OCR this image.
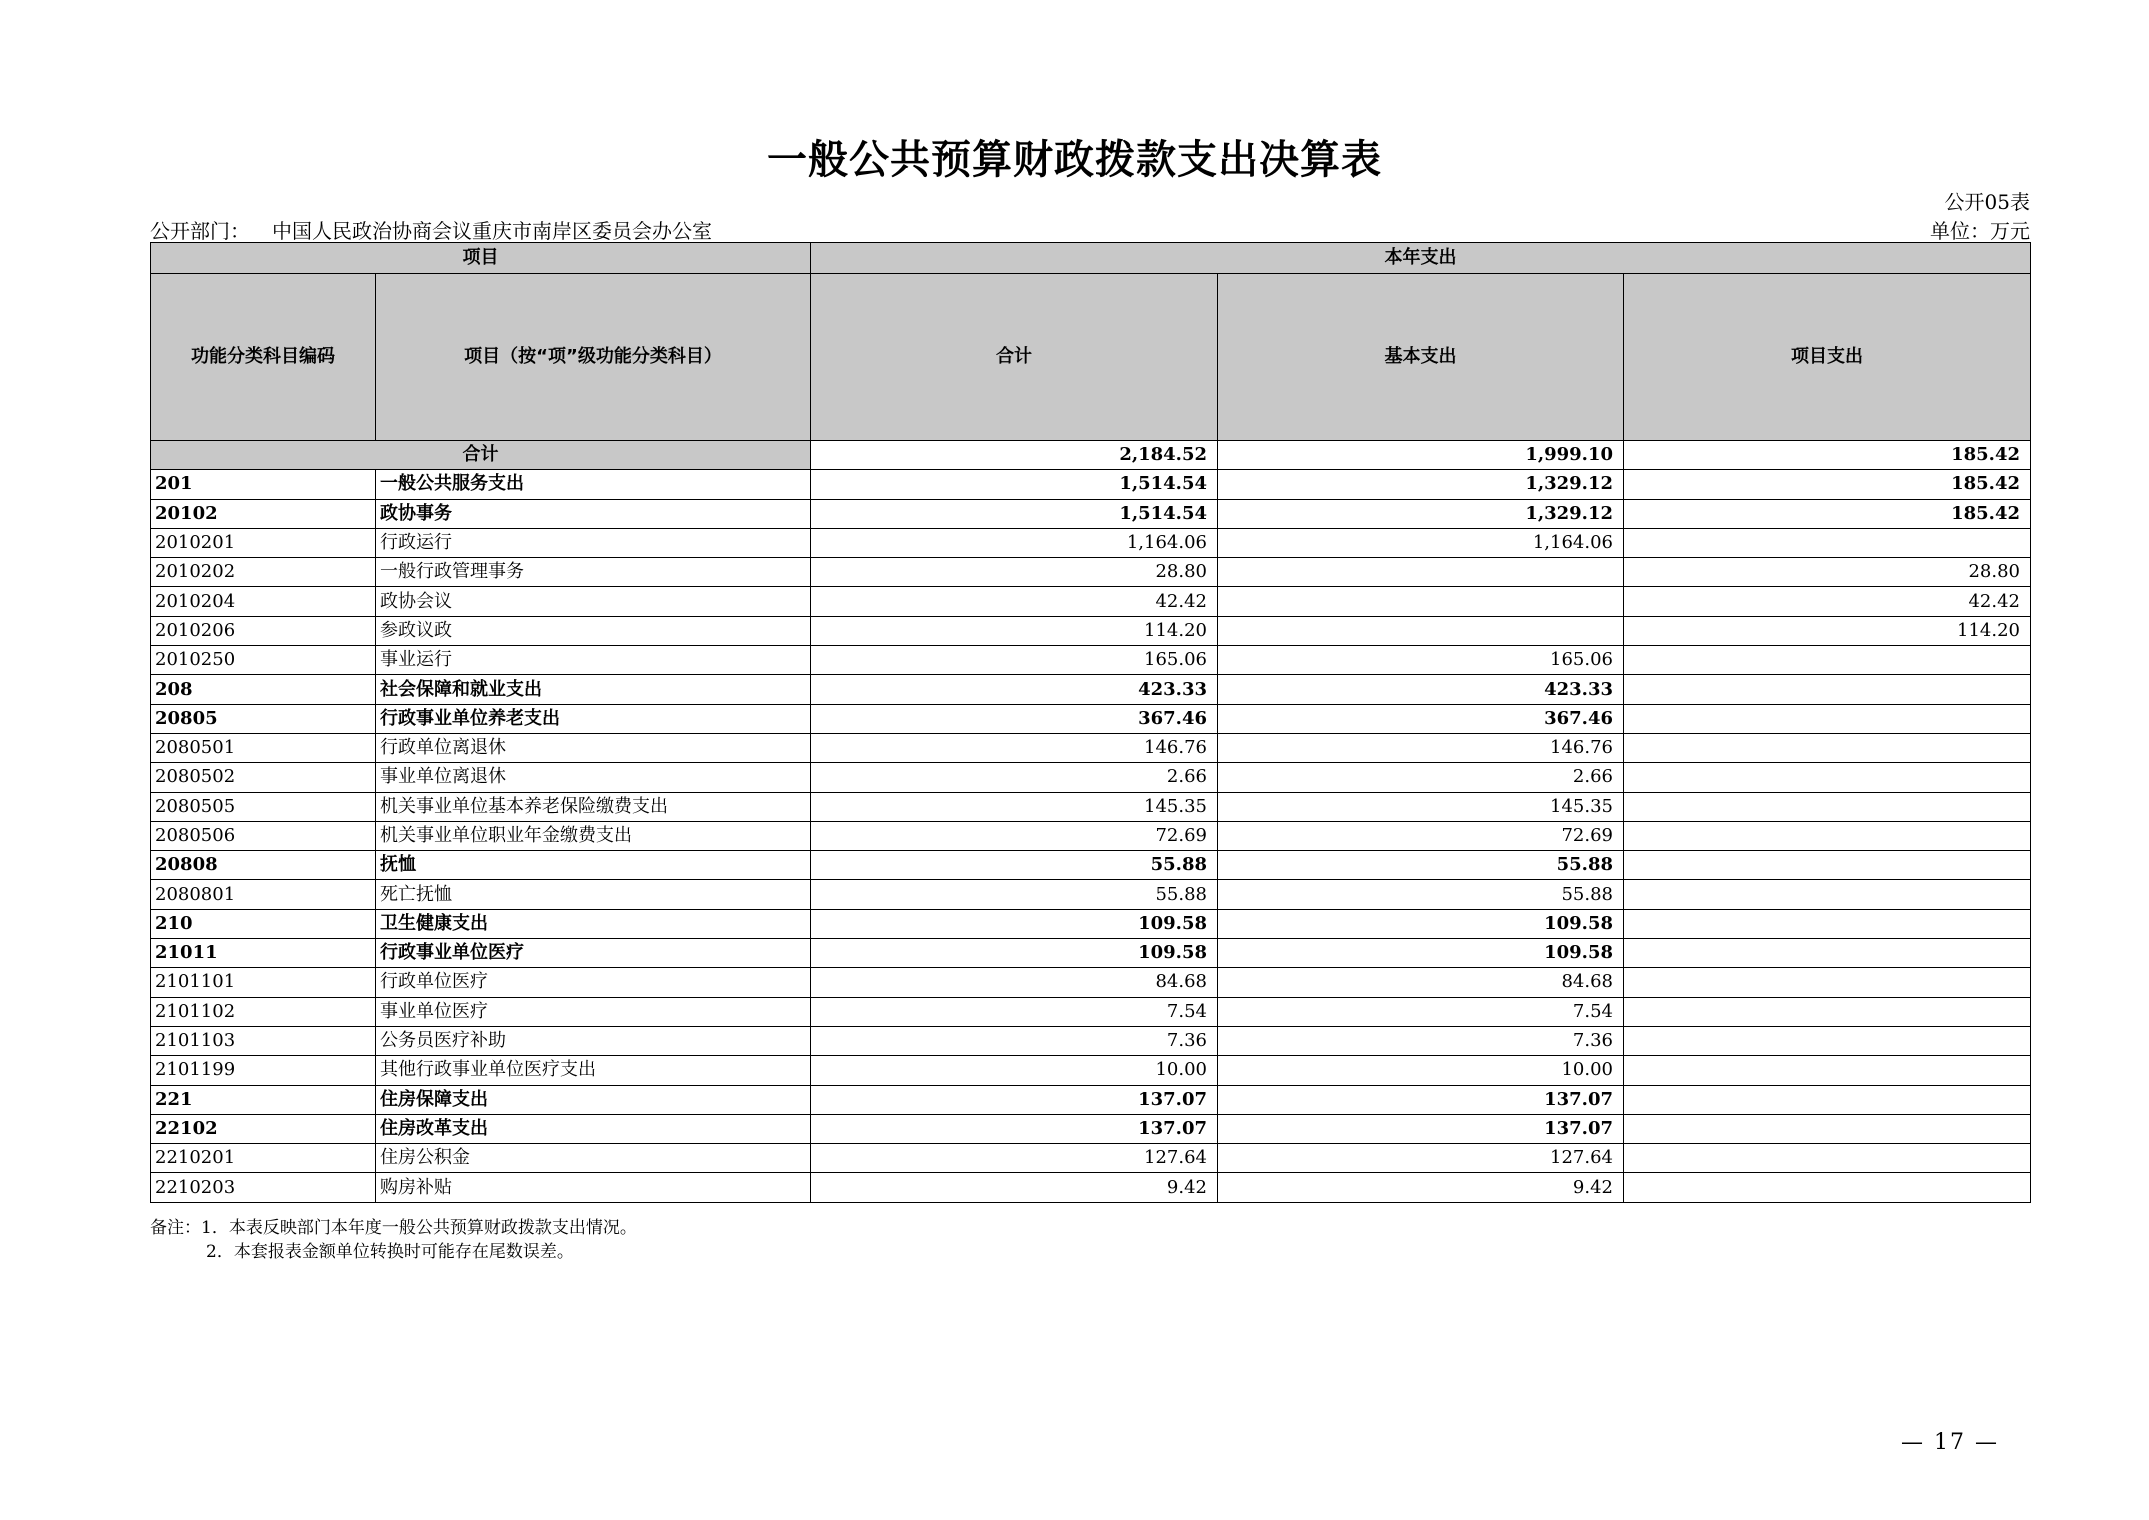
一般公共预算财政拨款支出决算表
公开05表
公开部门： 中国人民政治协商会议重庆市南岸区委员会办公室	单位：万元
项目		本年支出		
功能分类科目编码	项目（按“项”级功能分类科目）	合计	基本支出	项目支出
合计		2,184.52	1,999.10	185.42
201	一般公共服务支出	1,514.54	1,329.12	185.42
20102	政协事务	1,514.54	1,329.12	185.42
2010201	行政运行	1,164.06	1,164.06	
2010202	一般行政管理事务	28.80		28.80
2010204	政协会议	42.42		42.42
2010206	参政议政	114.20		114.20
2010250	事业运行	165.06	165.06	
208	社会保障和就业支出	423.33	423.33	
20805	行政事业单位养老支出	367.46	367.46	
2080501	行政单位离退休	146.76	146.76	
2080502	事业单位离退休	2.66	2.66	
2080505	机关事业单位基本养老保险缴费支出	145.35	145.35	
2080506	机关事业单位职业年金缴费支出	72.69	72.69	
20808	抚恤	55.88	55.88	
2080801	死亡抚恤	55.88	55.88	
210	卫生健康支出	109.58	109.58	
21011	行政事业单位医疗	109.58	109.58	
2101101	行政单位医疗	84.68	84.68	
2101102	事业单位医疗	7.54	7.54	
2101103	公务员医疗补助	7.36	7.36	
2101199	其他行政事业单位医疗支出	10.00	10.00	
221	住房保障支出	137.07	137.07	
22102	住房改革支出	137.07	137.07	
2210201	住房公积金	127.64	127.64	
2210203	购房补贴	9.42	9.42	
备注：1．本表反映部门本年度一般公共预算财政拨款支出情况。
2．本套报表金额单位转换时可能存在尾数误差。
— 17 —
